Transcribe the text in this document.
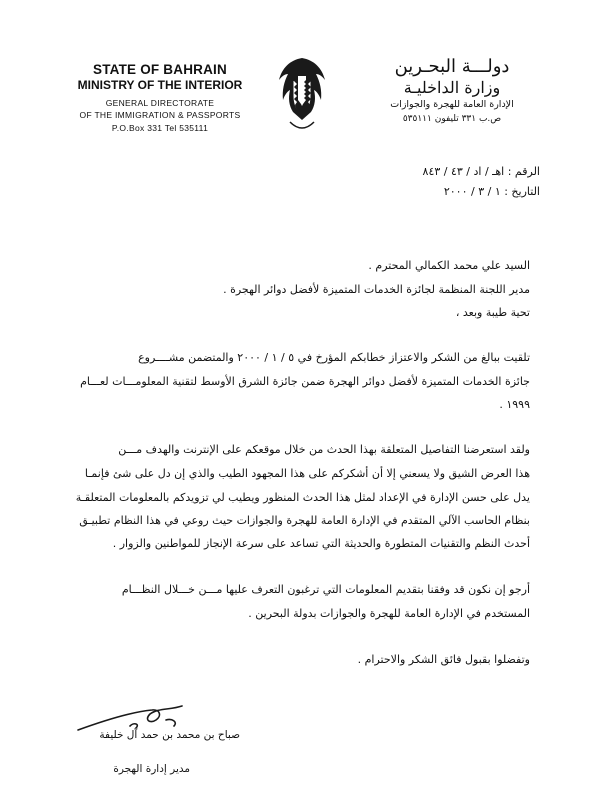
STATE OF BAHRAIN
MINISTRY OF THE INTERIOR
GENERAL DIRECTORATE
OF THE IMMIGRATION & PASSPORTS
P.O.Box 331 Tel 535111
دولـــة البحـرين
وزارة الداخليـة
الإدارة العامة للهجرة والجوازات
ص.ب ٣٣١ تليفون ٥٣٥١١١
الرقم : اهـ / اد / ٤٣ / ٨٤٣
التاريخ : ١ / ٣ / ٢٠٠٠
السيد علي محمد الكمالي المحترم .
مدير اللجنة المنظمة لجائزة الخدمات المتميزة لأفضل دوائر الهجرة .
تحية طيبة وبعد ،
تلقيت ببالغ من الشكر والاعتزاز خطابكم المؤرخ في ٥ / ١ / ٢٠٠٠ والمتضمن مشــــروع
جائزة الخدمات المتميزة لأفضل دوائر الهجرة ضمن جائزة الشرق الأوسط لتقنية المعلومـــات لعـــام
١٩٩٩ .
ولقد استعرضنا التفاصيل المتعلقة بهذا الحدث من خلال موقعكم على الإنترنت والهدف مـــن
هذا العرض الشيق ولا يسعني إلا أن أشكركم على هذا المجهود الطيب والذي إن دل على شئ فإنمـا
يدل على حسن الإدارة في الإعداد لمثل هذا الحدث المنظور ويطيب لي تزويدكم بالمعلومات المتعلقـة
بنظام الحاسب الآلي المتقدم في الإدارة العامة للهجرة والجوازات حيث روعي في هذا النظام تطبيـق
أحدث النظم والتقنيات المتطورة والحديثة التي تساعد على سرعة الإنجاز للمواطنين والزوار .
أرجو إن نكون قد وفقنا بتقديم المعلومات التي ترغبون التعرف عليها مـــن خـــلال النظـــام
المستخدم في الإدارة العامة للهجرة والجوازات بدولة البحرين .
وتفضلوا بقبول فائق الشكر والاحترام .
صباح بن محمد بن حمد آل خليفة
مدير إدارة الهجرة
